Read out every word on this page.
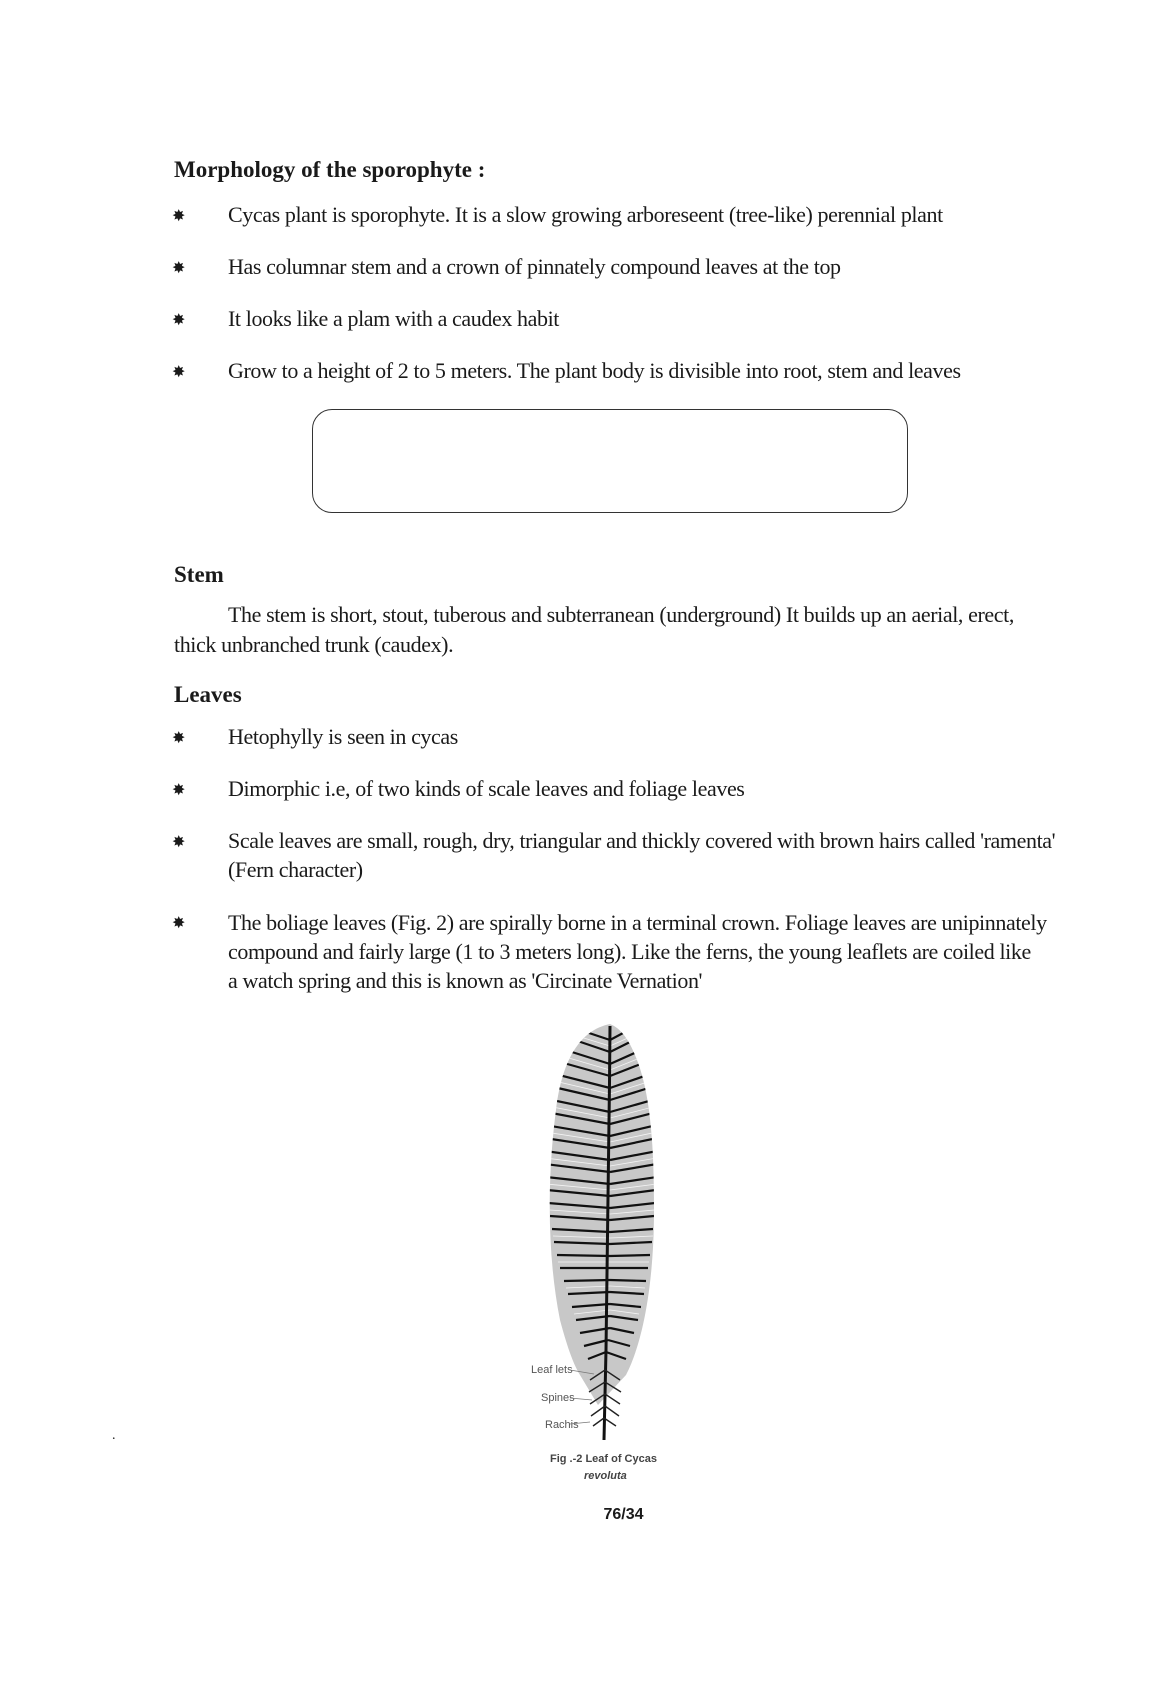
Morphology of the sporophyte :
✸
Cycas plant is sporophyte. It is a slow growing arboreseent (tree-like) perennial plant
✸
Has columnar stem and a crown of pinnately compound leaves at the top
✸
It looks like a plam with a caudex habit
✸
Grow to a height of 2 to 5 meters. The plant body is divisible into root, stem and leaves
Stem
The stem is short, stout, tuberous and subterranean (underground) It builds up an aerial, erect,
thick unbranched trunk (caudex).
Leaves
✸
Hetophylly is seen in cycas
✸
Dimorphic i.e, of two kinds of scale leaves and foliage leaves
✸
Scale leaves are small, rough, dry, triangular and thickly covered with brown hairs called 'ramenta'
(Fern character)
✸
The boliage leaves (Fig. 2) are spirally borne in a terminal crown. Foliage leaves are unipinnately
compound and fairly large (1 to 3 meters long). Like the ferns, the young leaflets are coiled like
a watch spring and this is known as 'Circinate Vernation'
Leaf lets
Spines
Rachis
Fig .-2 Leaf of Cycas
revoluta
76/34
.
